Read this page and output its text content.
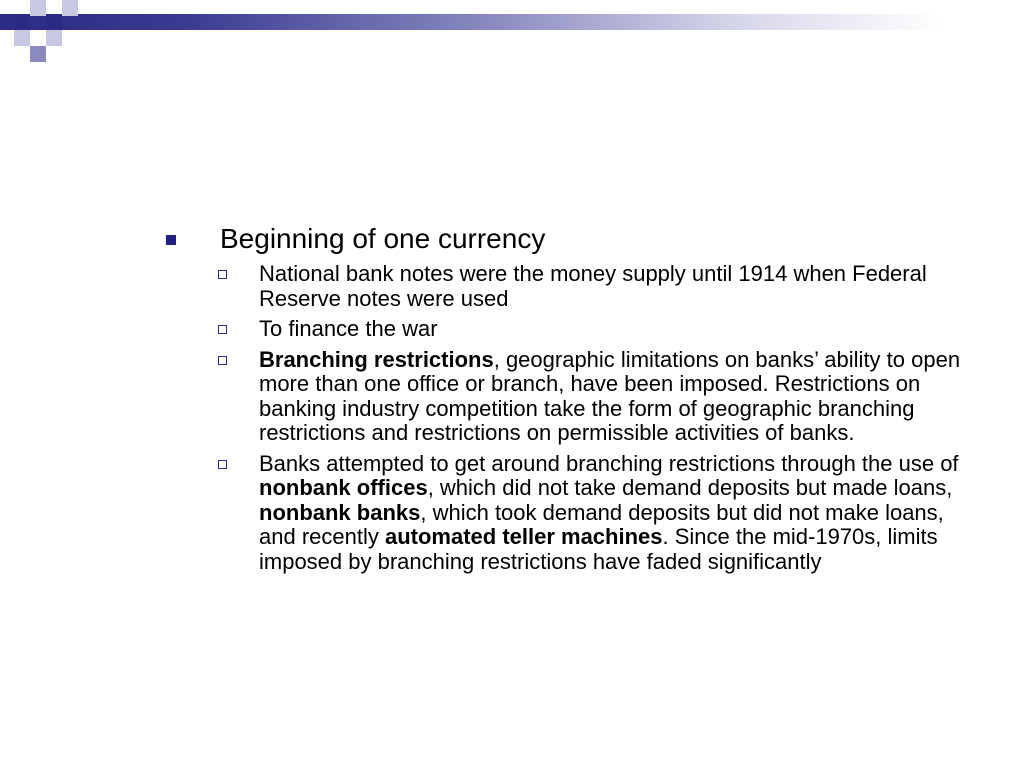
Beginning of one currency
National bank notes were the money supply until 1914 when Federal Reserve notes were used
To finance the war
Branching restrictions, geographic limitations on banks’ ability to open more than one office or branch, have been imposed. Restrictions on banking industry competition take the form of geographic branching restrictions and restrictions on permissible activities of banks.
Banks attempted to get around branching restrictions through the use of nonbank offices, which did not take demand deposits but made loans, nonbank banks, which took demand deposits but did not make loans, and recently automated teller machines. Since the mid-1970s, limits imposed by branching restrictions have faded significantly
